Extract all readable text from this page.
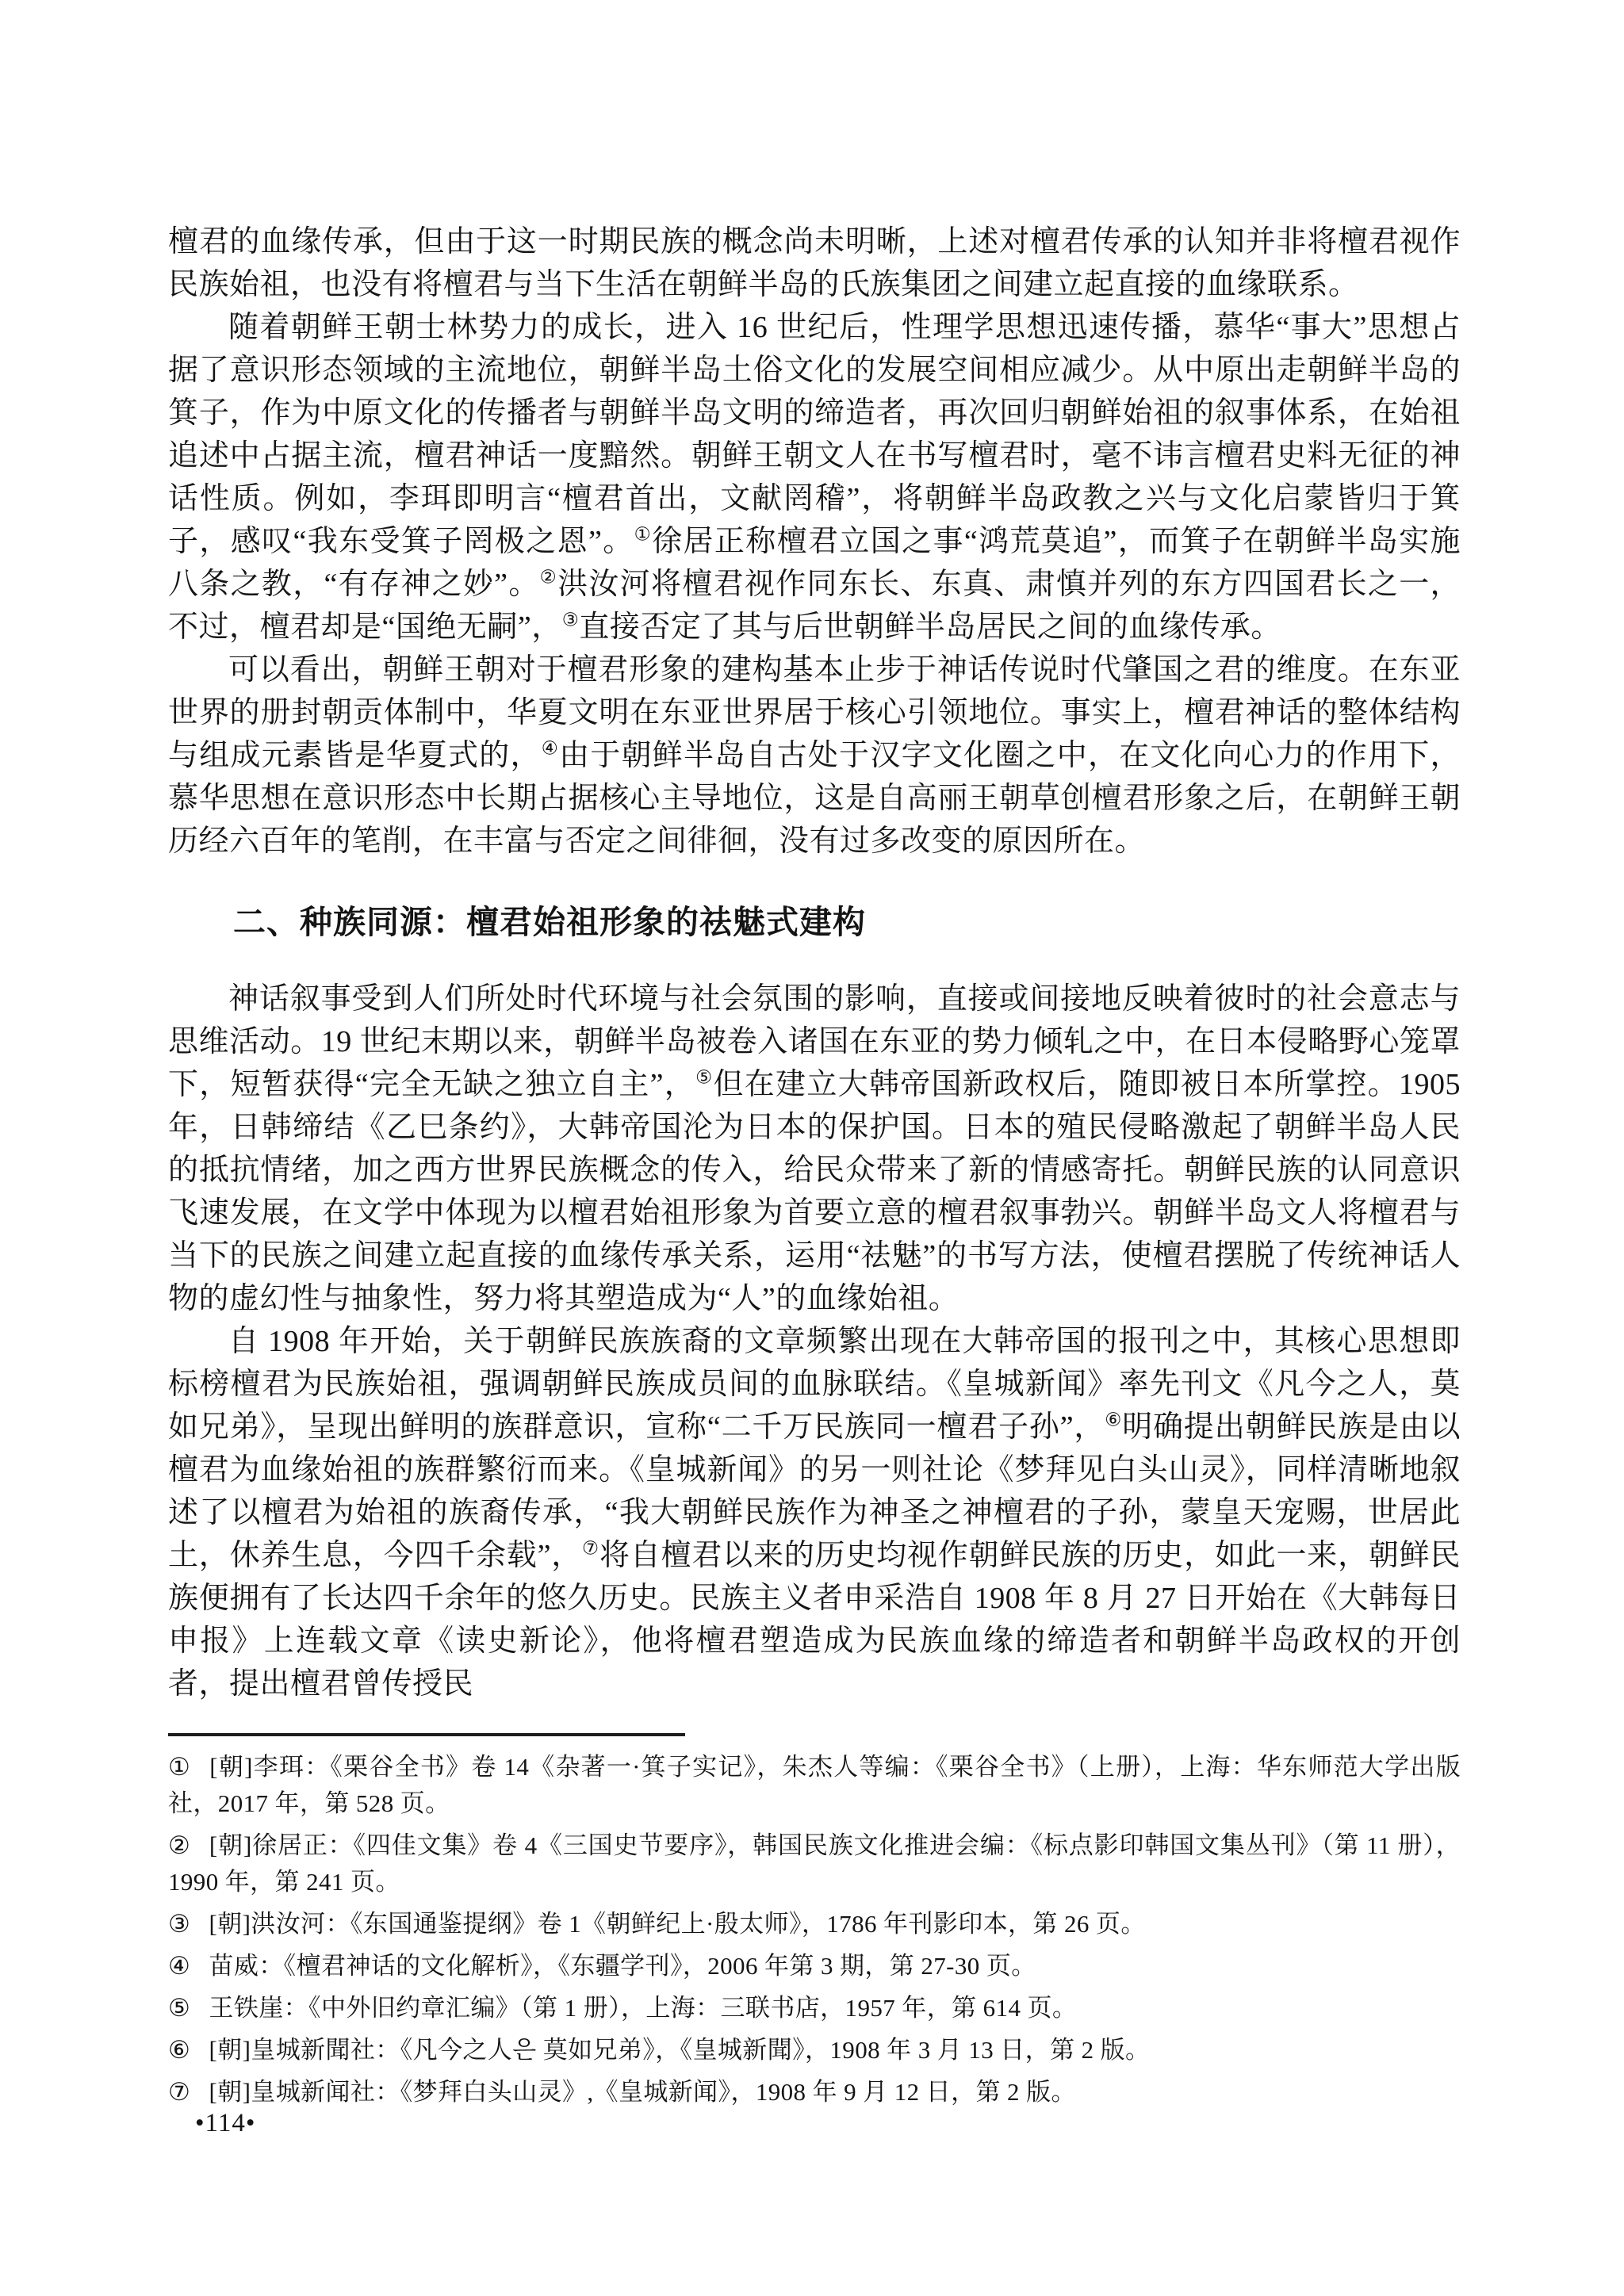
檀君的血缘传承，但由于这一时期民族的概念尚未明晰，上述对檀君传承的认知并非将檀君视作民族始祖，也没有将檀君与当下生活在朝鲜半岛的氏族集团之间建立起直接的血缘联系。

随着朝鲜王朝士林势力的成长，进入 16 世纪后，性理学思想迅速传播，慕华“事大”思想占据了意识形态领域的主流地位，朝鲜半岛土俗文化的发展空间相应减少。从中原出走朝鲜半岛的箕子，作为中原文化的传播者与朝鲜半岛文明的缔造者，再次回归朝鲜始祖的叙事体系，在始祖追述中占据主流，檀君神话一度黯然。朝鲜王朝文人在书写檀君时，毫不讳言檀君史料无征的神话性质。例如，李珥即明言“檀君首出，文献罔稽”，将朝鲜半岛政教之兴与文化启蒙皆归于箕子，感叹“我东受箕子罔极之恩”。①徐居正称檀君立国之事“鸿荒莫追”，而箕子在朝鲜半岛实施八条之教，“有存神之妙”。②洪汝河将檀君视作同东长、东真、肃慎并列的东方四国君长之一，不过，檀君却是“国绝无嗣”，③直接否定了其与后世朝鲜半岛居民之间的血缘传承。

可以看出，朝鲜王朝对于檀君形象的建构基本止步于神话传说时代肇国之君的维度。在东亚世界的册封朝贡体制中，华夏文明在东亚世界居于核心引领地位。事实上，檀君神话的整体结构与组成元素皆是华夏式的，④由于朝鲜半岛自古处于汉字文化圈之中，在文化向心力的作用下，慕华思想在意识形态中长期占据核心主导地位，这是自高丽王朝草创檀君形象之后，在朝鲜王朝历经六百年的笔削，在丰富与否定之间徘徊，没有过多改变的原因所在。

二、种族同源：檀君始祖形象的祛魅式建构

神话叙事受到人们所处时代环境与社会氛围的影响，直接或间接地反映着彼时的社会意志与思维活动。19 世纪末期以来，朝鲜半岛被卷入诸国在东亚的势力倾轧之中，在日本侵略野心笼罩下，短暂获得“完全无缺之独立自主”，⑤但在建立大韩帝国新政权后，随即被日本所掌控。1905 年，日韩缔结《乙巳条约》，大韩帝国沦为日本的保护国。日本的殖民侵略激起了朝鲜半岛人民的抵抗情绪，加之西方世界民族概念的传入，给民众带来了新的情感寄托。朝鲜民族的认同意识飞速发展，在文学中体现为以檀君始祖形象为首要立意的檀君叙事勃兴。朝鲜半岛文人将檀君与当下的民族之间建立起直接的血缘传承关系，运用“祛魅”的书写方法，使檀君摆脱了传统神话人物的虚幻性与抽象性，努力将其塑造成为“人”的血缘始祖。

自 1908 年开始，关于朝鲜民族族裔的文章频繁出现在大韩帝国的报刊之中，其核心思想即标榜檀君为民族始祖，强调朝鲜民族成员间的血脉联结。《皇城新闻》率先刊文《凡今之人，莫如兄弟》，呈现出鲜明的族群意识，宣称“二千万民族同一檀君子孙”，⑥明确提出朝鲜民族是由以檀君为血缘始祖的族群繁衍而来。《皇城新闻》的另一则社论《梦拜见白头山灵》，同样清晰地叙述了以檀君为始祖的族裔传承，“我大朝鲜民族作为神圣之神檀君的子孙，蒙皇天宠赐，世居此土，休养生息，今四千余载”，⑦将自檀君以来的历史均视作朝鲜民族的历史，如此一来，朝鲜民族便拥有了长达四千余年的悠久历史。民族主义者申采浩自 1908 年 8 月 27 日开始在《大韩每日申报》上连载文章《读史新论》，他将檀君塑造成为民族血缘的缔造者和朝鲜半岛政权的开创者，提出檀君曾传授民

① [朝]李珥：《栗谷全书》卷 14《杂著一·箕子实记》，朱杰人等编：《栗谷全书》（上册），上海：华东师范大学出版社，2017 年，第 528 页。

② [朝]徐居正：《四佳文集》卷 4《三国史节要序》，韩国民族文化推进会编：《标点影印韩国文集丛刊》（第 11 册），1990 年，第 241 页。

③ [朝]洪汝河：《东国通鉴提纲》卷 1《朝鲜纪上·殷太师》，1786 年刊影印本，第 26 页。

④ 苗威：《檀君神话的文化解析》，《东疆学刊》，2006 年第 3 期，第 27-30 页。

⑤ 王铁崖：《中外旧约章汇编》（第 1 册），上海：三联书店，1957 年，第 614 页。

⑥ [朝]皇城新聞社：《凡今之人은 莫如兄弟》，《皇城新聞》，1908 年 3 月 13 日，第 2 版。

⑦ [朝]皇城新闻社：《梦拜白头山灵》,《皇城新闻》，1908 年 9 月 12 日，第 2 版。

•114•
